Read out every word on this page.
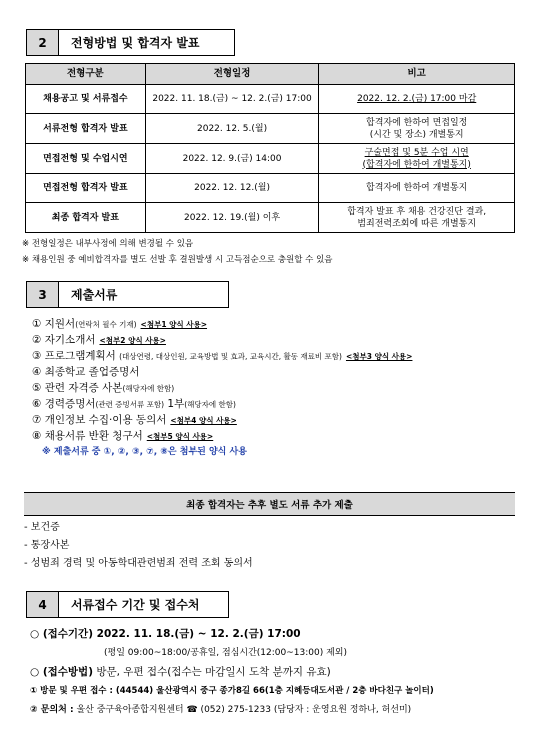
2	전형방법 및 합격자 발표
전형구분	전형일정	비고
채용공고 및 서류접수	2022. 11. 18.(금) ~ 12. 2.(금) 17:00	2022. 12. 2.(금) 17:00 마감
서류전형 합격자 발표	2022. 12. 5.(월)	합격자에 한하여 면접일정
(시간 및 장소) 개별통지

면접전형 및 수업시연	2022. 12. 9.(금) 14:00	구술면접 및 5분 수업 시연
(합격자에 한하여 개별통지)

면접전형 합격자 발표	2022. 12. 12.(월)	합격자에 한하여 개별통지
최종 합격자 발표	2022. 12. 19.(월) 이후	합격자 발표 후 채용 건강진단 결과,
범죄전력조회에 따른 개별통지
※ 전형일정은 내부사정에 의해 변경될 수 있음
※ 채용인원 중 예비합격자를 별도 선발 후 결원발생 시 고득점순으로 충원할 수 있음
3	제출서류
① 지원서(연락처 필수 기재) <첨부1 양식 사용>
② 자기소개서 <첨부2 양식 사용>
③ 프로그램계획서 (대상연령, 대상인원, 교육방법 및 효과, 교육시간, 활동 재료비 포함) <첨부3 양식 사용>
④ 최종학교 졸업증명서
⑤ 관련 자격증 사본(해당자에 한함)
⑥ 경력증명서(관련 증빙서류 포함) 1부(해당자에 한함)
⑦ 개인정보 수집·이용 동의서 <첨부4 양식 사용>
⑧ 채용서류 반환 청구서 <첨부5 양식 사용>
※ 제출서류 중 ①, ②, ③, ⑦, ⑧은 첨부된 양식 사용
최종 합격자는 추후 별도 서류 추가 제출
- 보건증
- 통장사본
- 성범죄 경력 및 아동학대관련범죄 전력 조회 동의서
4	서류접수 기간 및 접수처
○ (접수기간) 2022. 11. 18.(금) ~ 12. 2.(금) 17:00
(평일 09:00~18:00/공휴일, 점심시간(12:00~13:00) 제외)
○ (접수방법) 방문, 우편 접수(접수는 마감일시 도착 분까지 유효)
① 방문 및 우편 접수 : (44544) 울산광역시 중구 종가8길 66(1층 지혜등대도서관 / 2층 바다친구 놀이터)
② 문의처 : 울산 중구육아종합지원센터 ☎ (052) 275-1233 (담당자 : 운영요원 정하나, 허선미)
